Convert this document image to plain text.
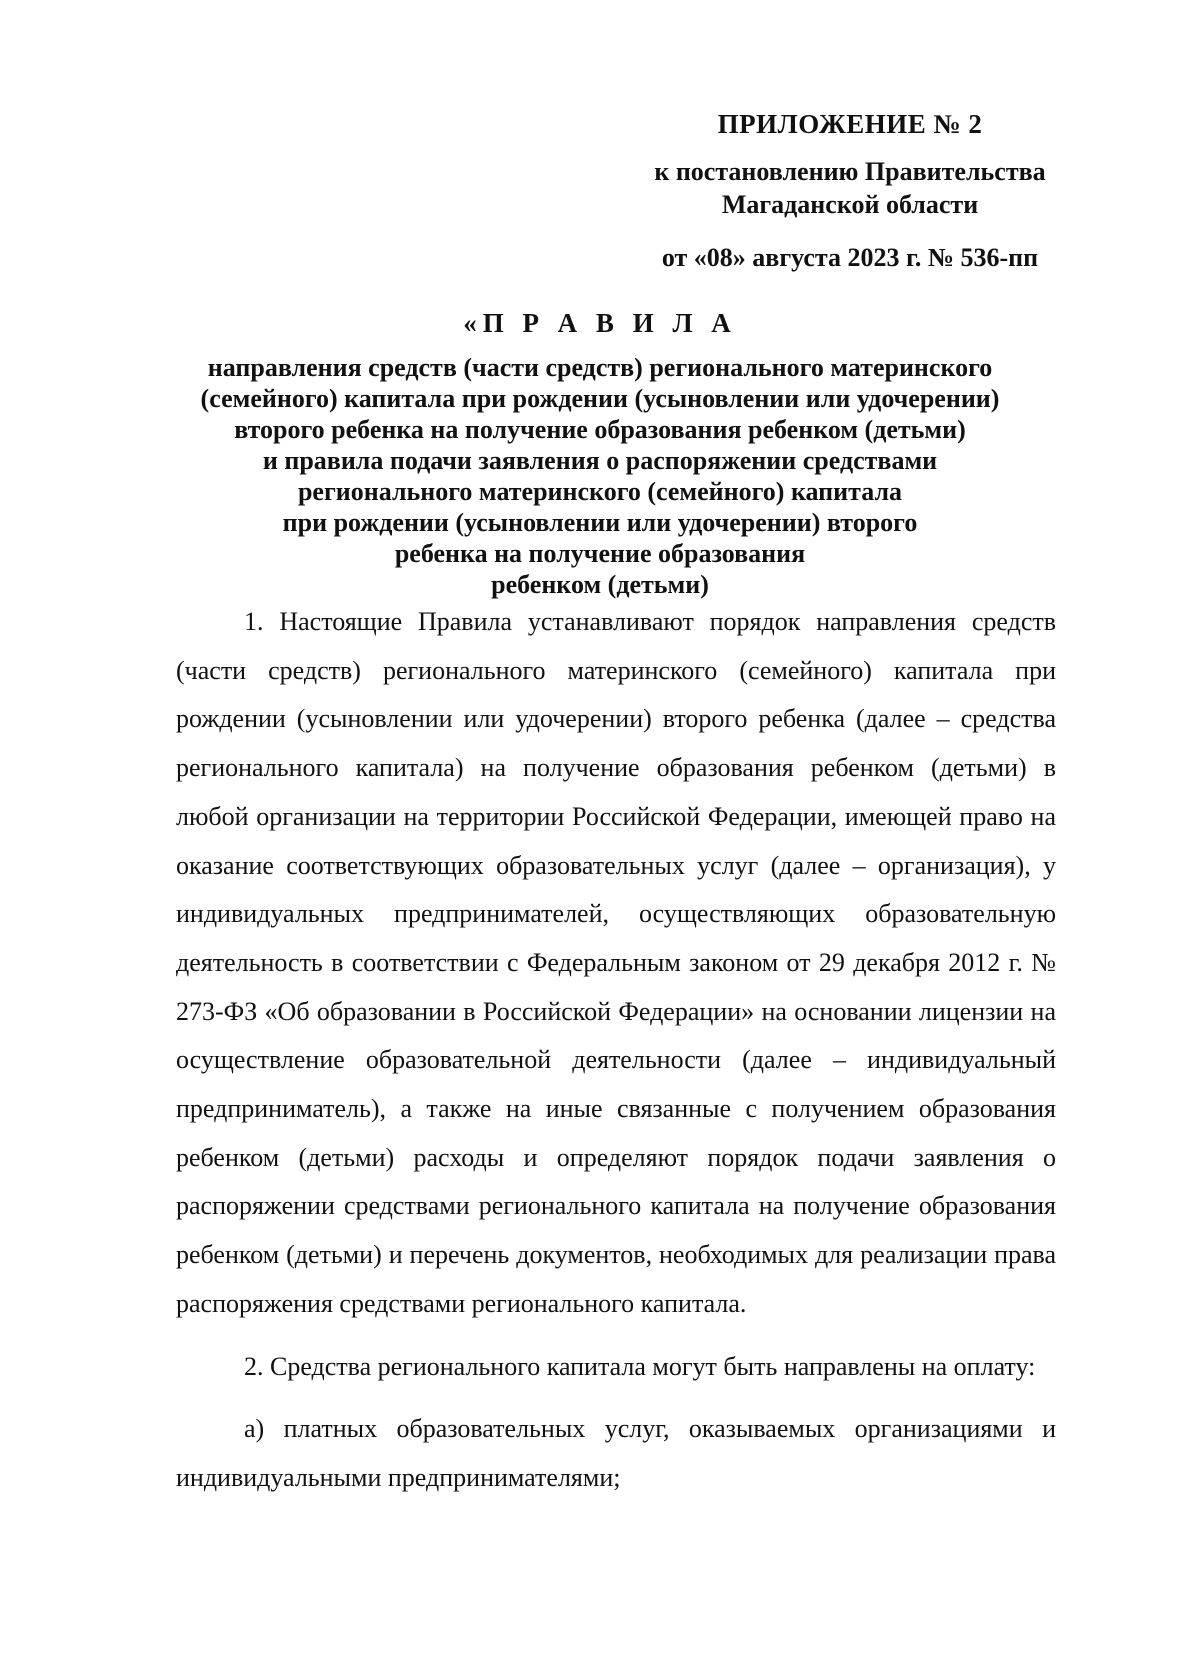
ПРИЛОЖЕНИЕ № 2
к постановлению Правительства
Магаданской области
от «08» августа 2023 г. № 536-пп
«П Р А В И Л А
направления средств (части средств) регионального материнского
(семейного) капитала при рождении (усыновлении или удочерении)
второго ребенка на получение образования ребенком (детьми)
и правила подачи заявления о распоряжении средствами
регионального материнского (семейного) капитала
при рождении (усыновлении или удочерении) второго
ребенка на получение образования
ребенком (детьми)

1. Настоящие Правила устанавливают порядок направления средств (части средств) регионального материнского (семейного) капитала при рождении (усыновлении или удочерении) второго ребенка (далее – средства регионального капитала) на получение образования ребенком (детьми) в любой организации на территории Российской Федерации, имеющей право на оказание соответствующих образовательных услуг (далее – организация), у индивидуальных предпринимателей, осуществляющих образовательную деятельность в соответствии с Федеральным законом от 29 декабря 2012 г. № 273-ФЗ «Об образовании в Российской Федерации» на основании лицензии на осуществление образовательной деятельности (далее – индивидуальный предприниматель), а также на иные связанные с получением образования ребенком (детьми) расходы и определяют порядок подачи заявления о распоряжении средствами регионального капитала на получение образования ребенком (детьми) и перечень документов, необходимых для реализации права распоряжения средствами регионального капитала.

2. Средства регионального капитала могут быть направлены на оплату:

а) платных образовательных услуг, оказываемых организациями и индивидуальными предпринимателями;
